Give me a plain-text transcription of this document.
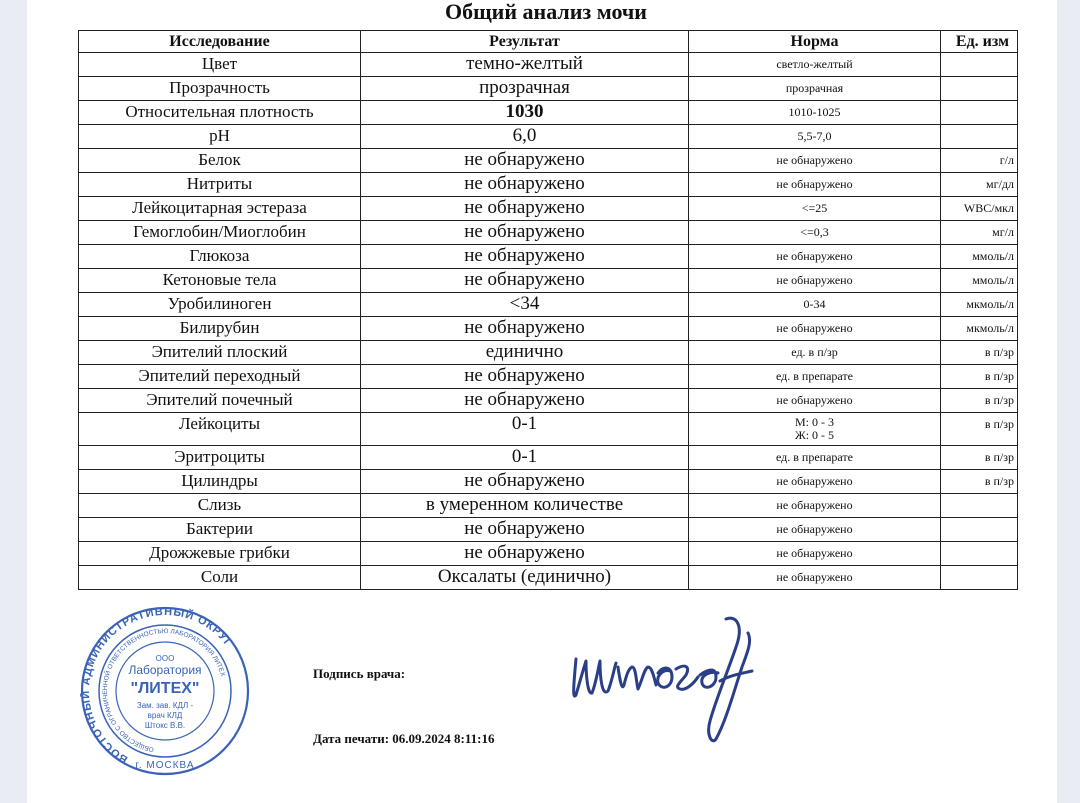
Общий анализ мочи
Исследование	Результат	Норма	Ед. изм
Цвет	темно-желтый	светло-желтый	
Прозрачность	прозрачная	прозрачная	
Относительная плотность	1030	1010-1025	
pH	6,0	5,5-7,0	
Белок	не обнаружено	не обнаружено	г/л
Нитриты	не обнаружено	не обнаружено	мг/дл
Лейкоцитарная эстераза	не обнаружено	<=25	WBC/мкл
Гемоглобин/Миоглобин	не обнаружено	<=0,3	мг/л
Глюкоза	не обнаружено	не обнаружено	ммоль/л
Кетоновые тела	не обнаружено	не обнаружено	ммоль/л
Уробилиноген	<34	0-34	мкмоль/л
Билирубин	не обнаружено	не обнаружено	мкмоль/л
Эпителий плоский	единично	ед. в п/зр	в п/зр
Эпителий переходный	не обнаружено	ед. в препарате	в п/зр
Эпителий почечный	не обнаружено	не обнаружено	в п/зр
Лейкоциты	0-1	М: 0 - 3
Ж: 0 - 5	в п/зр
Эритроциты	0-1	ед. в препарате	в п/зр
Цилиндры	не обнаружено	не обнаружено	в п/зр
Слизь	в умеренном количестве	не обнаружено	
Бактерии	не обнаружено	не обнаружено	
Дрожжевые грибки	не обнаружено	не обнаружено	
Соли	Оксалаты (единично)	не обнаружено	
ВОСТОЧНЫЙ АДМИНИСТРАТИВНЫЙ ОКРУГ
ОБЩЕСТВО С ОГРАНИЧЕННОЙ ОТВЕТСТВЕННОСТЬЮ ЛАБОРАТОРИЯ ЛИТЕХ
ООО
Лаборатория
"ЛИТЕХ"
Зам. зав. КДЛ -
врач КЛД
Штокс В.В.
г. МОСКВА
Подпись врача:
Дата печати: 06.09.2024 8:11:16
